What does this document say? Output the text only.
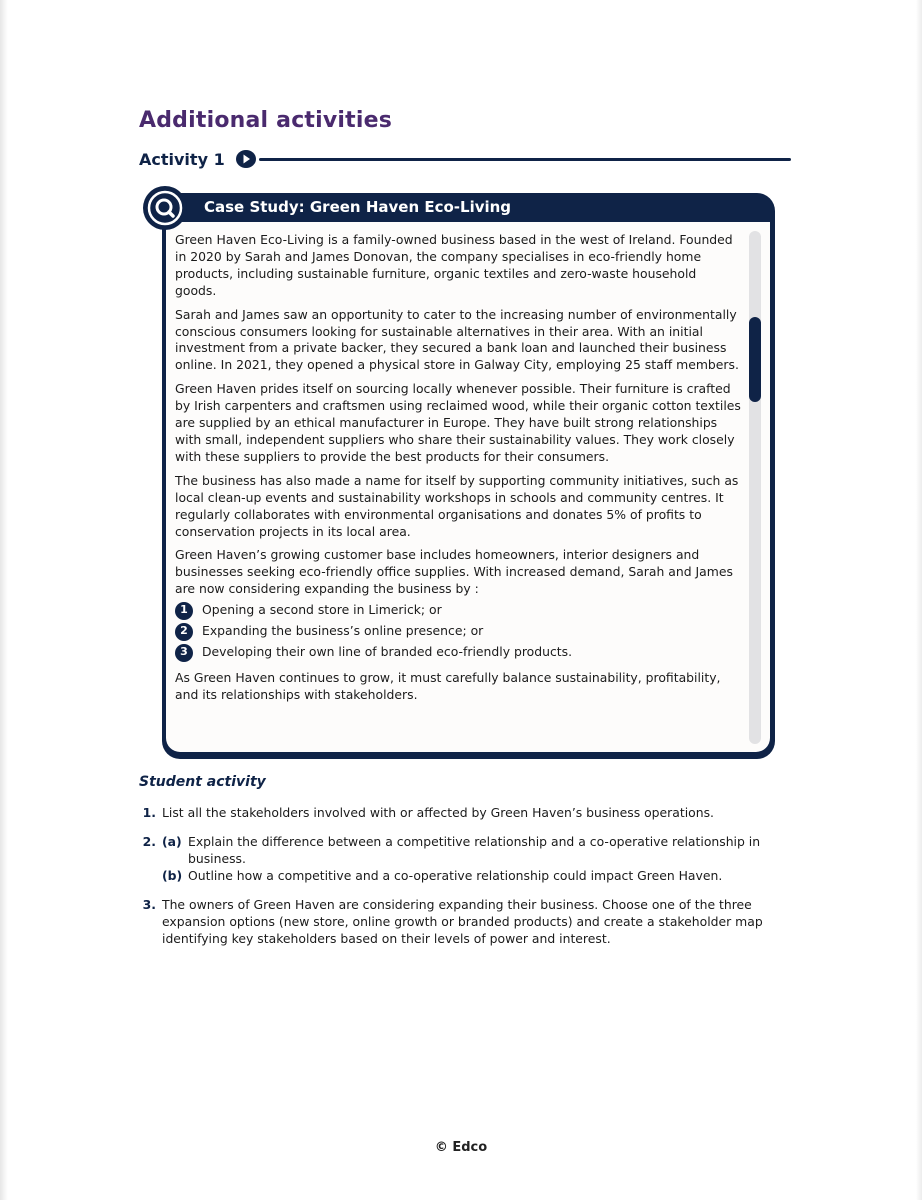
Additional activities
Activity 1
Case Study: Green Haven Eco-Living

Green Haven Eco-Living is a family-owned business based in the west of Ireland. Founded in 2020 by Sarah and James Donovan, the company specialises in eco-friendly home products, including sustainable furniture, organic textiles and zero-waste household goods.

Sarah and James saw an opportunity to cater to the increasing number of environmentally conscious consumers looking for sustainable alternatives in their area. With an initial investment from a private backer, they secured a bank loan and launched their business online. In 2021, they opened a physical store in Galway City, employing 25 staff members.

Green Haven prides itself on sourcing locally whenever possible. Their furniture is crafted by Irish carpenters and craftsmen using reclaimed wood, while their organic cotton textiles are supplied by an ethical manufacturer in Europe. They have built strong relationships with small, independent suppliers who share their sustainability values. They work closely with these suppliers to provide the best products for their consumers.

The business has also made a name for itself by supporting community initiatives, such as local clean-up events and sustainability workshops in schools and community centres. It regularly collaborates with environmental organisations and donates 5% of profits to conservation projects in its local area.

Green Haven’s growing customer base includes homeowners, interior designers and businesses seeking eco-friendly office supplies. With increased demand, Sarah and James are now considering expanding the business by :

1	Opening a second store in Limerick; or
2	Expanding the business’s online presence; or
3	Developing their own line of branded eco-friendly products.

As Green Haven continues to grow, it must carefully balance sustainability, profitability, and its relationships with stakeholders.

Student activity
1. List all the stakeholders involved with or affected by Green Haven’s business operations.
2. (a) Explain the difference between a competitive relationship and a co-operative relationship in business.
(b) Outline how a competitive and a co-operative relationship could impact Green Haven.
3. The owners of Green Haven are considering expanding their business. Choose one of the three expansion options (new store, online growth or branded products) and create a stakeholder map identifying key stakeholders based on their levels of power and interest.
© Edco
